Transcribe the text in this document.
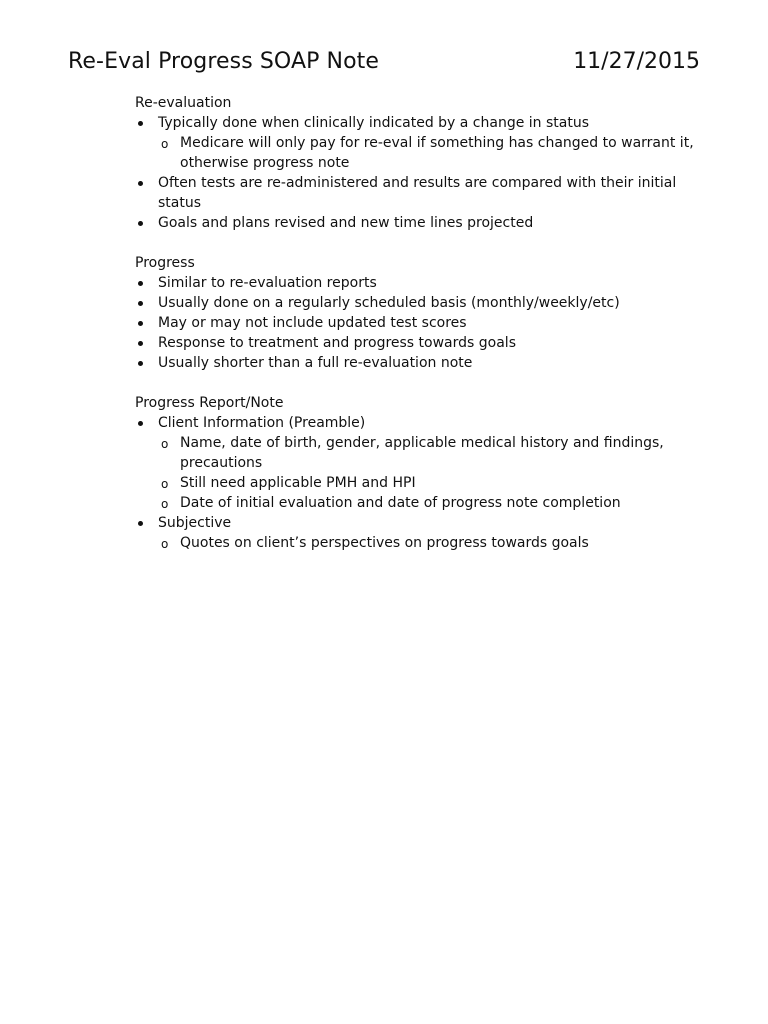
Re-Eval Progress SOAP Note	11/27/2015
Re-evaluation
Typically done when clinically indicated by a change in status
o Medicare will only pay for re-eval if something has changed to warrant it, otherwise progress note
Often tests are re-administered and results are compared with their initial status
Goals and plans revised and new time lines projected
Progress
Similar to re-evaluation reports
Usually done on a regularly scheduled basis (monthly/weekly/etc)
May or may not include updated test scores
Response to treatment and progress towards goals
Usually shorter than a full re-evaluation note
Progress Report/Note
Client Information (Preamble)
o Name, date of birth, gender, applicable medical history and findings, precautions
o Still need applicable PMH and HPI
o Date of initial evaluation and date of progress note completion
Subjective
o Quotes on client’s perspectives on progress towards goals
